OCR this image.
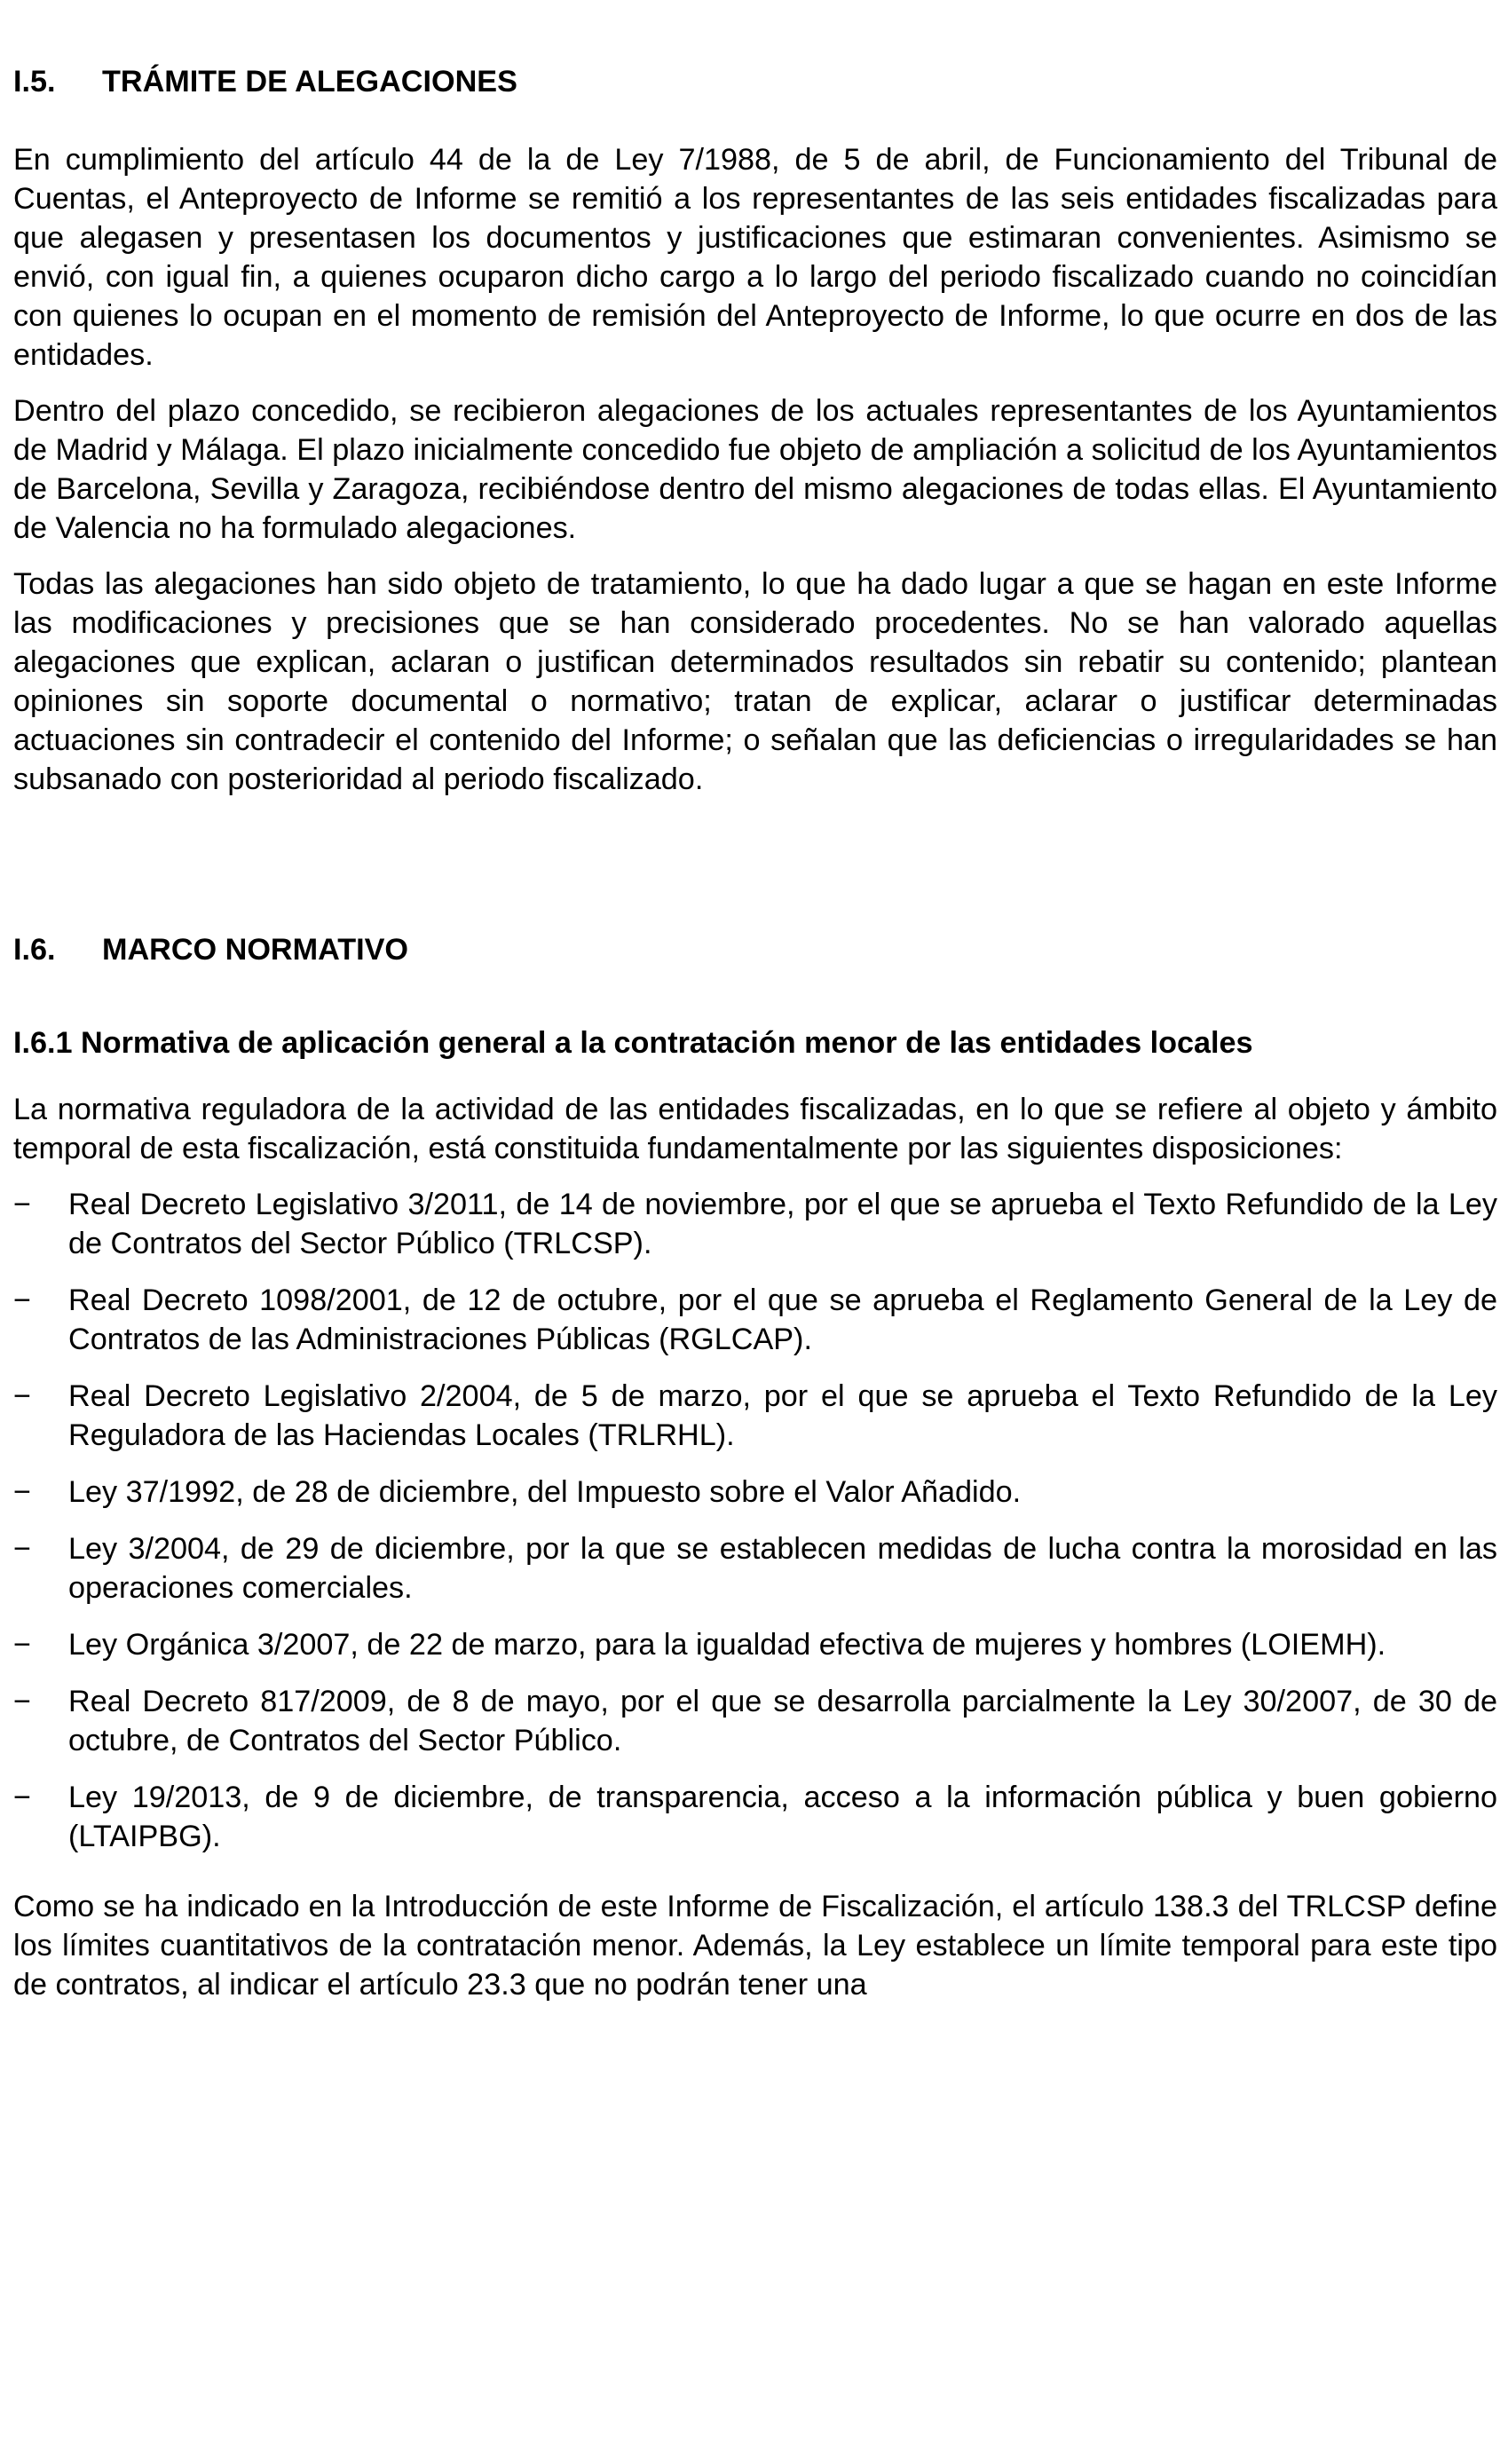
I.5. TRÁMITE DE ALEGACIONES

En cumplimiento del artículo 44 de la de Ley 7/1988, de 5 de abril, de Funcionamiento del Tribunal de Cuentas, el Anteproyecto de Informe se remitió a los representantes de las seis entidades fiscalizadas para que alegasen y presentasen los documentos y justificaciones que estimaran convenientes. Asimismo se envió, con igual fin, a quienes ocuparon dicho cargo a lo largo del periodo fiscalizado cuando no coincidían con quienes lo ocupan en el momento de remisión del Anteproyecto de Informe, lo que ocurre en dos de las entidades.

Dentro del plazo concedido, se recibieron alegaciones de los actuales representantes de los Ayuntamientos de Madrid y Málaga. El plazo inicialmente concedido fue objeto de ampliación a solicitud de los Ayuntamientos de Barcelona, Sevilla y Zaragoza, recibiéndose dentro del mismo alegaciones de todas ellas. El Ayuntamiento de Valencia no ha formulado alegaciones.

Todas las alegaciones han sido objeto de tratamiento, lo que ha dado lugar a que se hagan en este Informe las modificaciones y precisiones que se han considerado procedentes. No se han valorado aquellas alegaciones que explican, aclaran o justifican determinados resultados sin rebatir su contenido; plantean opiniones sin soporte documental o normativo; tratan de explicar, aclarar o justificar determinadas actuaciones sin contradecir el contenido del Informe; o señalan que las deficiencias o irregularidades se han subsanado con posterioridad al periodo fiscalizado.

I.6. MARCO NORMATIVO

I.6.1 Normativa de aplicación general a la contratación menor de las entidades locales

La normativa reguladora de la actividad de las entidades fiscalizadas, en lo que se refiere al objeto y ámbito temporal de esta fiscalización, está constituida fundamentalmente por las siguientes disposiciones:

− Real Decreto Legislativo 3/2011, de 14 de noviembre, por el que se aprueba el Texto Refundido de la Ley de Contratos del Sector Público (TRLCSP).
− Real Decreto 1098/2001, de 12 de octubre, por el que se aprueba el Reglamento General de la Ley de Contratos de las Administraciones Públicas (RGLCAP).
− Real Decreto Legislativo 2/2004, de 5 de marzo, por el que se aprueba el Texto Refundido de la Ley Reguladora de las Haciendas Locales (TRLRHL).
− Ley 37/1992, de 28 de diciembre, del Impuesto sobre el Valor Añadido.
− Ley 3/2004, de 29 de diciembre, por la que se establecen medidas de lucha contra la morosidad en las operaciones comerciales.
− Ley Orgánica 3/2007, de 22 de marzo, para la igualdad efectiva de mujeres y hombres (LOIEMH).
− Real Decreto 817/2009, de 8 de mayo, por el que se desarrolla parcialmente la Ley 30/2007, de 30 de octubre, de Contratos del Sector Público.
− Ley 19/2013, de 9 de diciembre, de transparencia, acceso a la información pública y buen gobierno (LTAIPBG).

Como se ha indicado en la Introducción de este Informe de Fiscalización, el artículo 138.3 del TRLCSP define los límites cuantitativos de la contratación menor. Además, la Ley establece un límite temporal para este tipo de contratos, al indicar el artículo 23.3 que no podrán tener una
